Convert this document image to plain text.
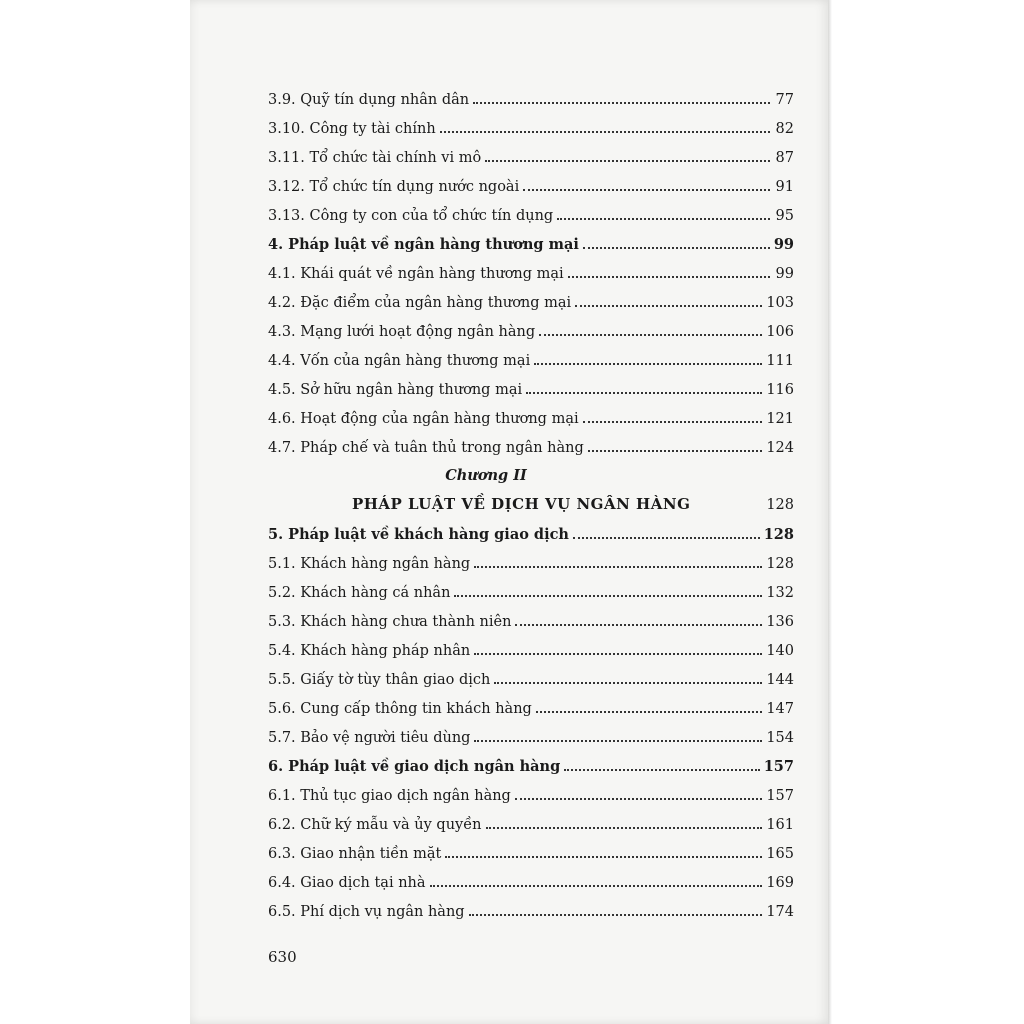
3.9. Quỹ tín dụng nhân dân	77
3.10. Công ty tài chính	82
3.11. Tổ chức tài chính vi mô	87
3.12. Tổ chức tín dụng nước ngoài	91
3.13. Công ty con của tổ chức tín dụng	95
4. Pháp luật về ngân hàng thương mại	99
4.1. Khái quát về ngân hàng thương mại	99
4.2. Đặc điểm của ngân hàng thương mại	103
4.3. Mạng lưới hoạt động ngân hàng	106
4.4. Vốn của ngân hàng thương mại	111
4.5. Sở hữu ngân hàng thương mại	116
4.6. Hoạt động của ngân hàng thương mại	121
4.7. Pháp chế và tuân thủ trong ngân hàng	124
Chương II
PHÁP LUẬT VỀ DỊCH VỤ NGÂN HÀNG	128
5. Pháp luật về khách hàng giao dịch	128
5.1. Khách hàng ngân hàng	128
5.2. Khách hàng cá nhân	132
5.3. Khách hàng chưa thành niên	136
5.4. Khách hàng pháp nhân	140
5.5. Giấy tờ tùy thân giao dịch	144
5.6. Cung cấp thông tin khách hàng	147
5.7. Bảo vệ người tiêu dùng	154
6. Pháp luật về giao dịch ngân hàng	157
6.1. Thủ tục giao dịch ngân hàng	157
6.2. Chữ ký mẫu và ủy quyền	161
6.3. Giao nhận tiền mặt	165
6.4. Giao dịch tại nhà	169
6.5. Phí dịch vụ ngân hàng	174
630
